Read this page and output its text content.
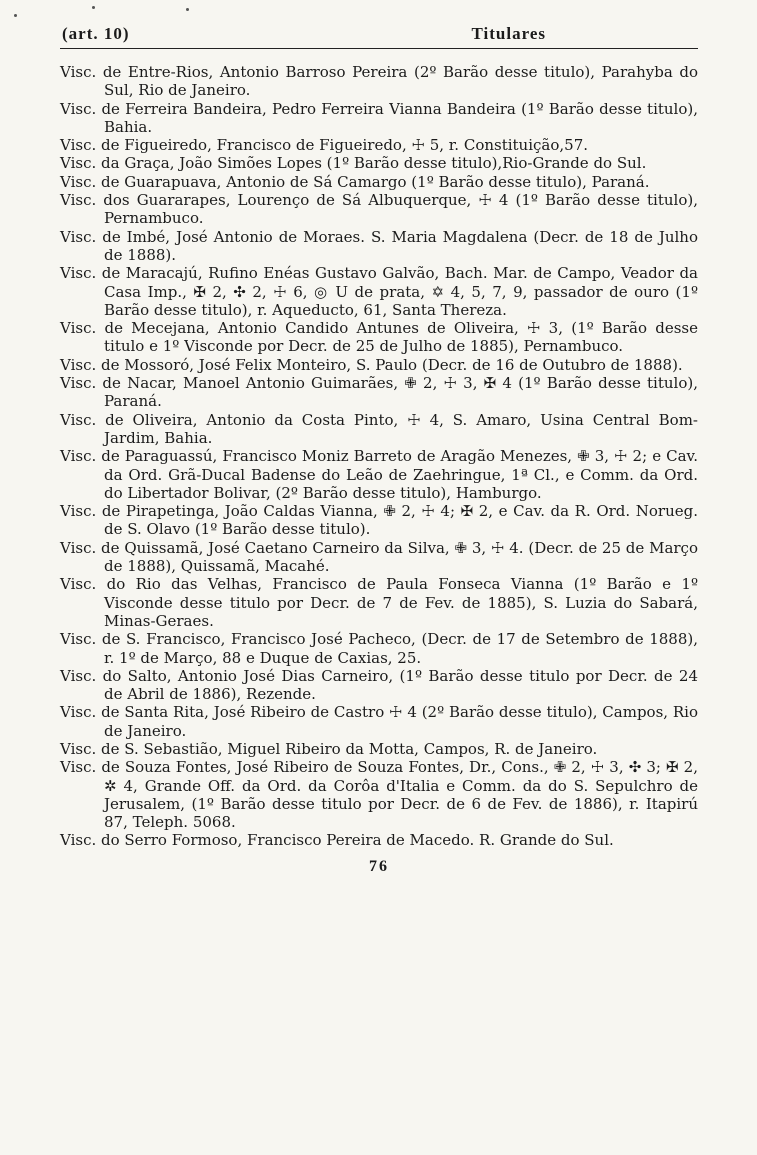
(art. 10)	Titulares

Visc. de Entre-Rios, Antonio Barroso Pereira (2º Barão desse titulo), Parahyba do Sul, Rio de Janeiro.

Visc. de Ferreira Bandeira, Pedro Ferreira Vianna Bandeira (1º Barão desse titulo), Bahia.

Visc. de Figueiredo, Francisco de Figueiredo, ☩ 5, r. Constituição,57.

Visc. da Graça, João Simões Lopes (1º Barão desse titulo),Rio-Grande do Sul.

Visc. de Guarapuava, Antonio de Sá Camargo (1º Barão desse titulo), Paraná.

Visc. dos Guararapes, Lourenço de Sá Albuquerque, ☩ 4 (1º Barão desse titulo), Pernambuco.

Visc. de Imbé, José Antonio de Moraes. S. Maria Magdalena (Decr. de 18 de Julho de 1888).

Visc. de Maracajú, Rufino Enéas Gustavo Galvão, Bach. Mar. de Campo, Veador da Casa Imp., ✠ 2, ✣ 2, ☩ 6, ◎ U de prata, ✡ 4, 5, 7, 9, passador de ouro (1º Barão desse titulo), r. Aqueducto, 61, Santa Thereza.

Visc. de Mecejana, Antonio Candido Antunes de Oliveira, ☩ 3, (1º Barão desse titulo e 1º Visconde por Decr. de 25 de Julho de 1885), Pernambuco.

Visc. de Mossoró, José Felix Monteiro, S. Paulo (Decr. de 16 de Outubro de 1888).

Visc. de Nacar, Manoel Antonio Guimarães, ✙ 2, ☩ 3, ✠ 4 (1º Barão desse titulo), Paraná.

Visc. de Oliveira, Antonio da Costa Pinto, ☩ 4, S. Amaro, Usina Central Bom-Jardim, Bahia.

Visc. de Paraguassú, Francisco Moniz Barreto de Aragão Menezes, ✙ 3, ☩ 2; e Cav. da Ord. Grã-Ducal Badense do Leão de Zaehringue, 1ª Cl., e Comm. da Ord. do Libertador Bolivar, (2º Barão desse titulo), Hamburgo.

Visc. de Pirapetinga, João Caldas Vianna, ✙ 2, ☩ 4; ✠ 2, e Cav. da R. Ord. Norueg. de S. Olavo (1º Barão desse titulo).

Visc. de Quissamã, José Caetano Carneiro da Silva, ✙ 3, ☩ 4. (Decr. de 25 de Março de 1888), Quissamã, Macahé.

Visc. do Rio das Velhas, Francisco de Paula Fonseca Vianna (1º Barão e 1º Visconde desse titulo por Decr. de 7 de Fev. de 1885), S. Luzia do Sabará, Minas-Geraes.

Visc. de S. Francisco, Francisco José Pacheco, (Decr. de 17 de Setembro de 1888), r. 1º de Março, 88 e Duque de Caxias, 25.

Visc. do Salto, Antonio José Dias Carneiro, (1º Barão desse titulo por Decr. de 24 de Abril de 1886), Rezende.

Visc. de Santa Rita, José Ribeiro de Castro ☩ 4 (2º Barão desse titulo), Campos, Rio de Janeiro.

Visc. de S. Sebastião, Miguel Ribeiro da Motta, Campos, R. de Janeiro.

Visc. de Souza Fontes, José Ribeiro de Souza Fontes, Dr., Cons., ✙ 2, ☩ 3, ✣ 3; ✠ 2, ✲ 4, Grande Off. da Ord. da Corôa d'Italia e Comm. da do S. Sepulchro de Jerusalem, (1º Barão desse titulo por Decr. de 6 de Fev. de 1886), r. Itapirú 87, Teleph. 5068.

Visc. do Serro Formoso, Francisco Pereira de Macedo. R. Grande do Sul.

76
